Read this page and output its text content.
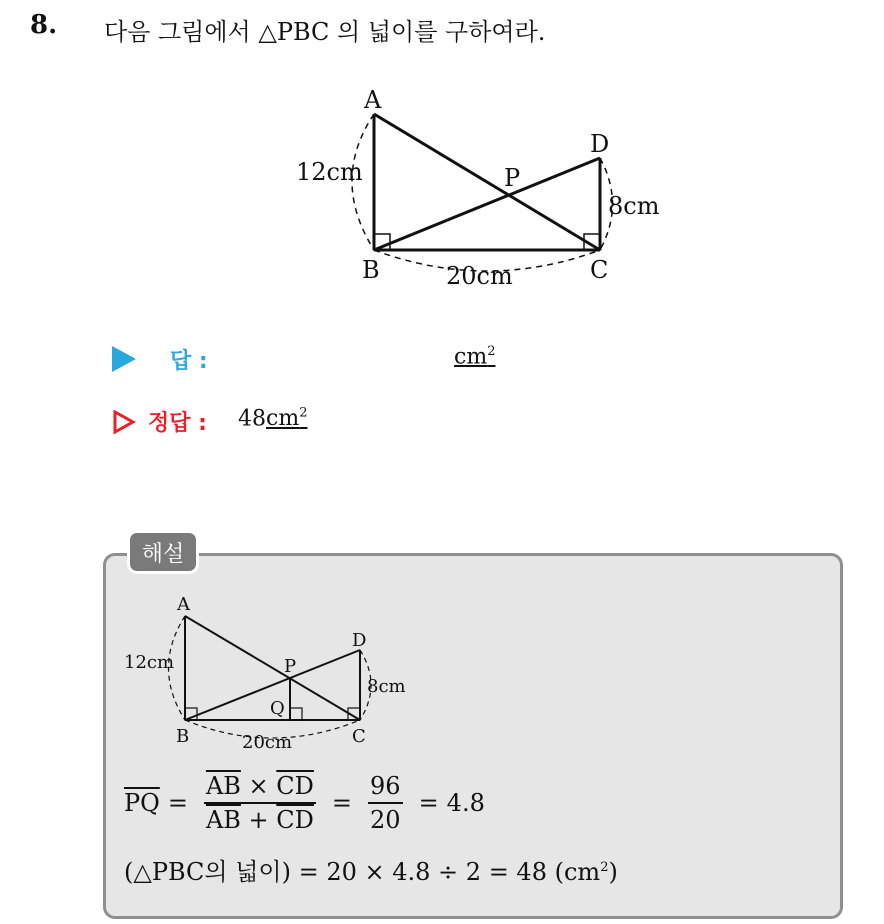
8. 다음 그림에서 △PBC 의 넓이를 구하여라.
A
B	C
D
P
12cm
20cm
8cm
답 :	$cm^2$
정답 : $48cm^2$
해설
A
B	C
D
P
Q
12cm
20cm
8cm
$\overline{PQ} = \frac{\overline{AB} \times \overline{CD}}{\overline{AB} + \overline{CD}} = \frac{96}{20} = 4.8$
(△PBC의 넓이) = 20 × 4.8 ÷ 2 = 48 $(cm^2)$
